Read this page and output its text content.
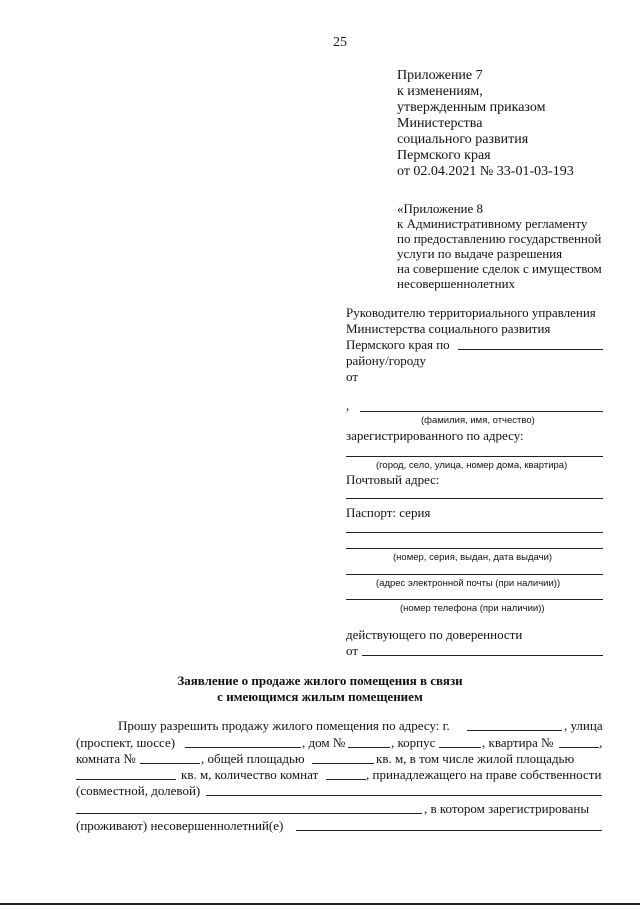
25
Приложение 7
к изменениям,
утвержденным приказом
Министерства
социального развития
Пермского края
от 02.04.2021 № 33-01-03-193
«Приложение 8
к Административному регламенту
по предоставлению государственной
услуги по выдаче разрешения
на совершение сделок с имуществом
несовершеннолетних
Руководителю территориального управления
Министерства социального развития
Пермского края по
району/городу
от
,
(фамилия, имя, отчество)
зарегистрированного по адресу:
(город, село, улица, номер дома, квартира)
Почтовый адрес:
Паспорт: серия
(номер, серия, выдан, дата выдачи)
(адрес электронной почты (при наличии))
(номер телефона (при наличии))
действующего по доверенности
от
Заявление о продаже жилого помещения в связи
с имеющимся жилым помещением
Прошу разрешить продажу жилого помещения по адресу: г.	, улица
(проспект, шоссе)	, дом №	, корпус	, квартира №	,
комната №	, общей площадью	кв. м, в том числе жилой площадью
кв. м, количество комнат	, принадлежащего на праве собственности
(совместной, долевой)
, в котором зарегистрированы
(проживают) несовершеннолетний(е)
